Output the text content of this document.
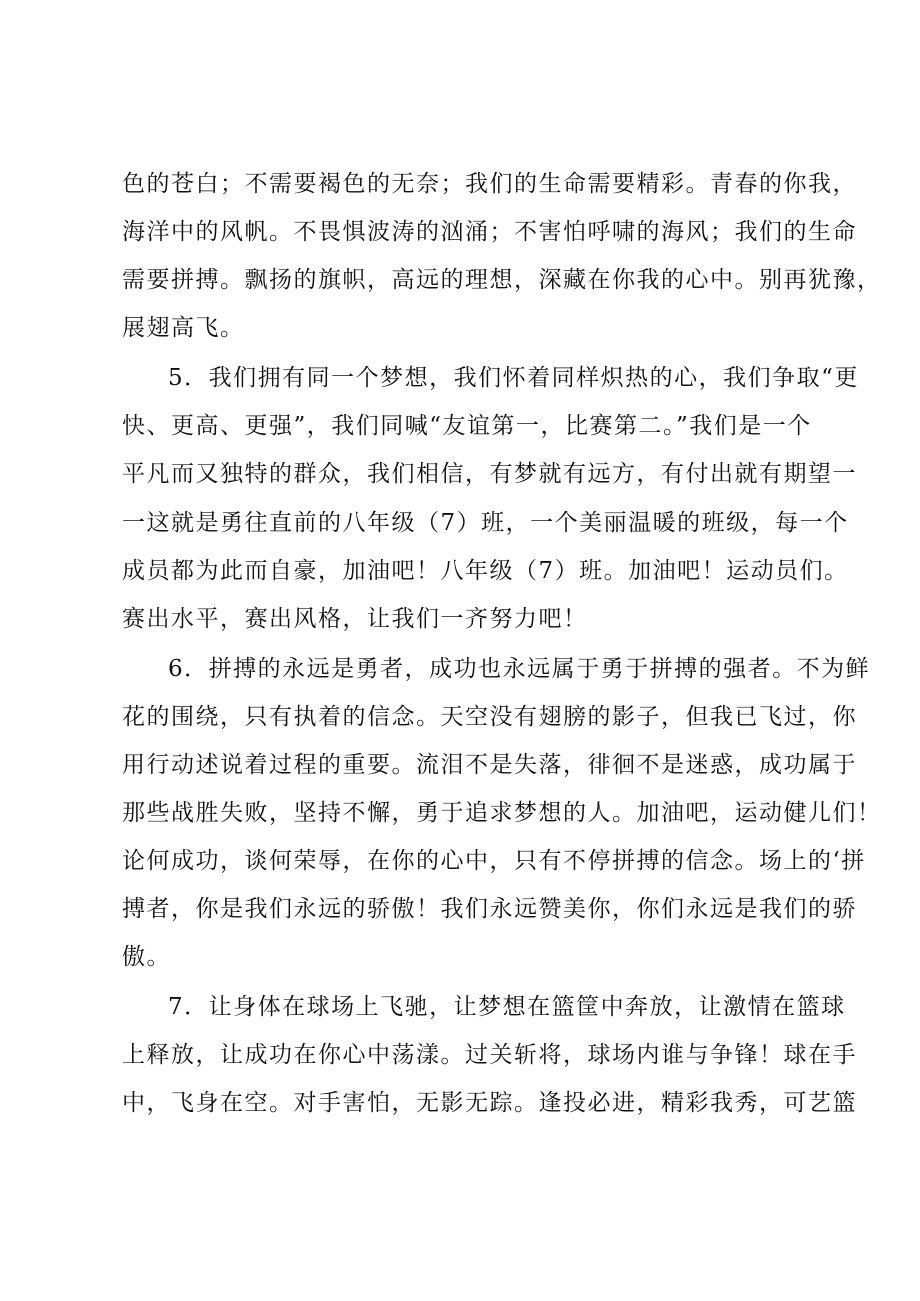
色的苍白；不需要褐色的无奈；我们的生命需要精彩。青春的你我，
海洋中的风帆。不畏惧波涛的汹涌；不害怕呼啸的海风；我们的生命
需要拼搏。飘扬的旗帜，高远的理想，深藏在你我的心中。别再犹豫，
展翅高飞。
5．我们拥有同一个梦想，我们怀着同样炽热的心，我们争取“更
快、更高、更强”，我们同喊“友谊第一，比赛第二。”我们是一个
平凡而又独特的群众，我们相信，有梦就有远方，有付出就有期望一
一这就是勇往直前的八年级（7）班，一个美丽温暖的班级，每一个
成员都为此而自豪，加油吧！八年级（7）班。加油吧！运动员们。
赛出水平，赛出风格，让我们一齐努力吧！
6．拼搏的永远是勇者，成功也永远属于勇于拼搏的强者。不为鲜
花的围绕，只有执着的信念。天空没有翅膀的影子，但我已飞过，你
用行动述说着过程的重要。流泪不是失落，徘徊不是迷惑，成功属于
那些战胜失败，坚持不懈，勇于追求梦想的人。加油吧，运动健儿们！
论何成功，谈何荣辱，在你的心中，只有不停拼搏的信念。场上的‘拼
搏者，你是我们永远的骄傲！我们永远赞美你，你们永远是我们的骄
傲。
7．让身体在球场上飞驰，让梦想在篮筐中奔放，让激情在篮球
上释放，让成功在你心中荡漾。过关斩将，球场内谁与争锋！球在手
中，飞身在空。对手害怕，无影无踪。逢投必进，精彩我秀，可艺篮
